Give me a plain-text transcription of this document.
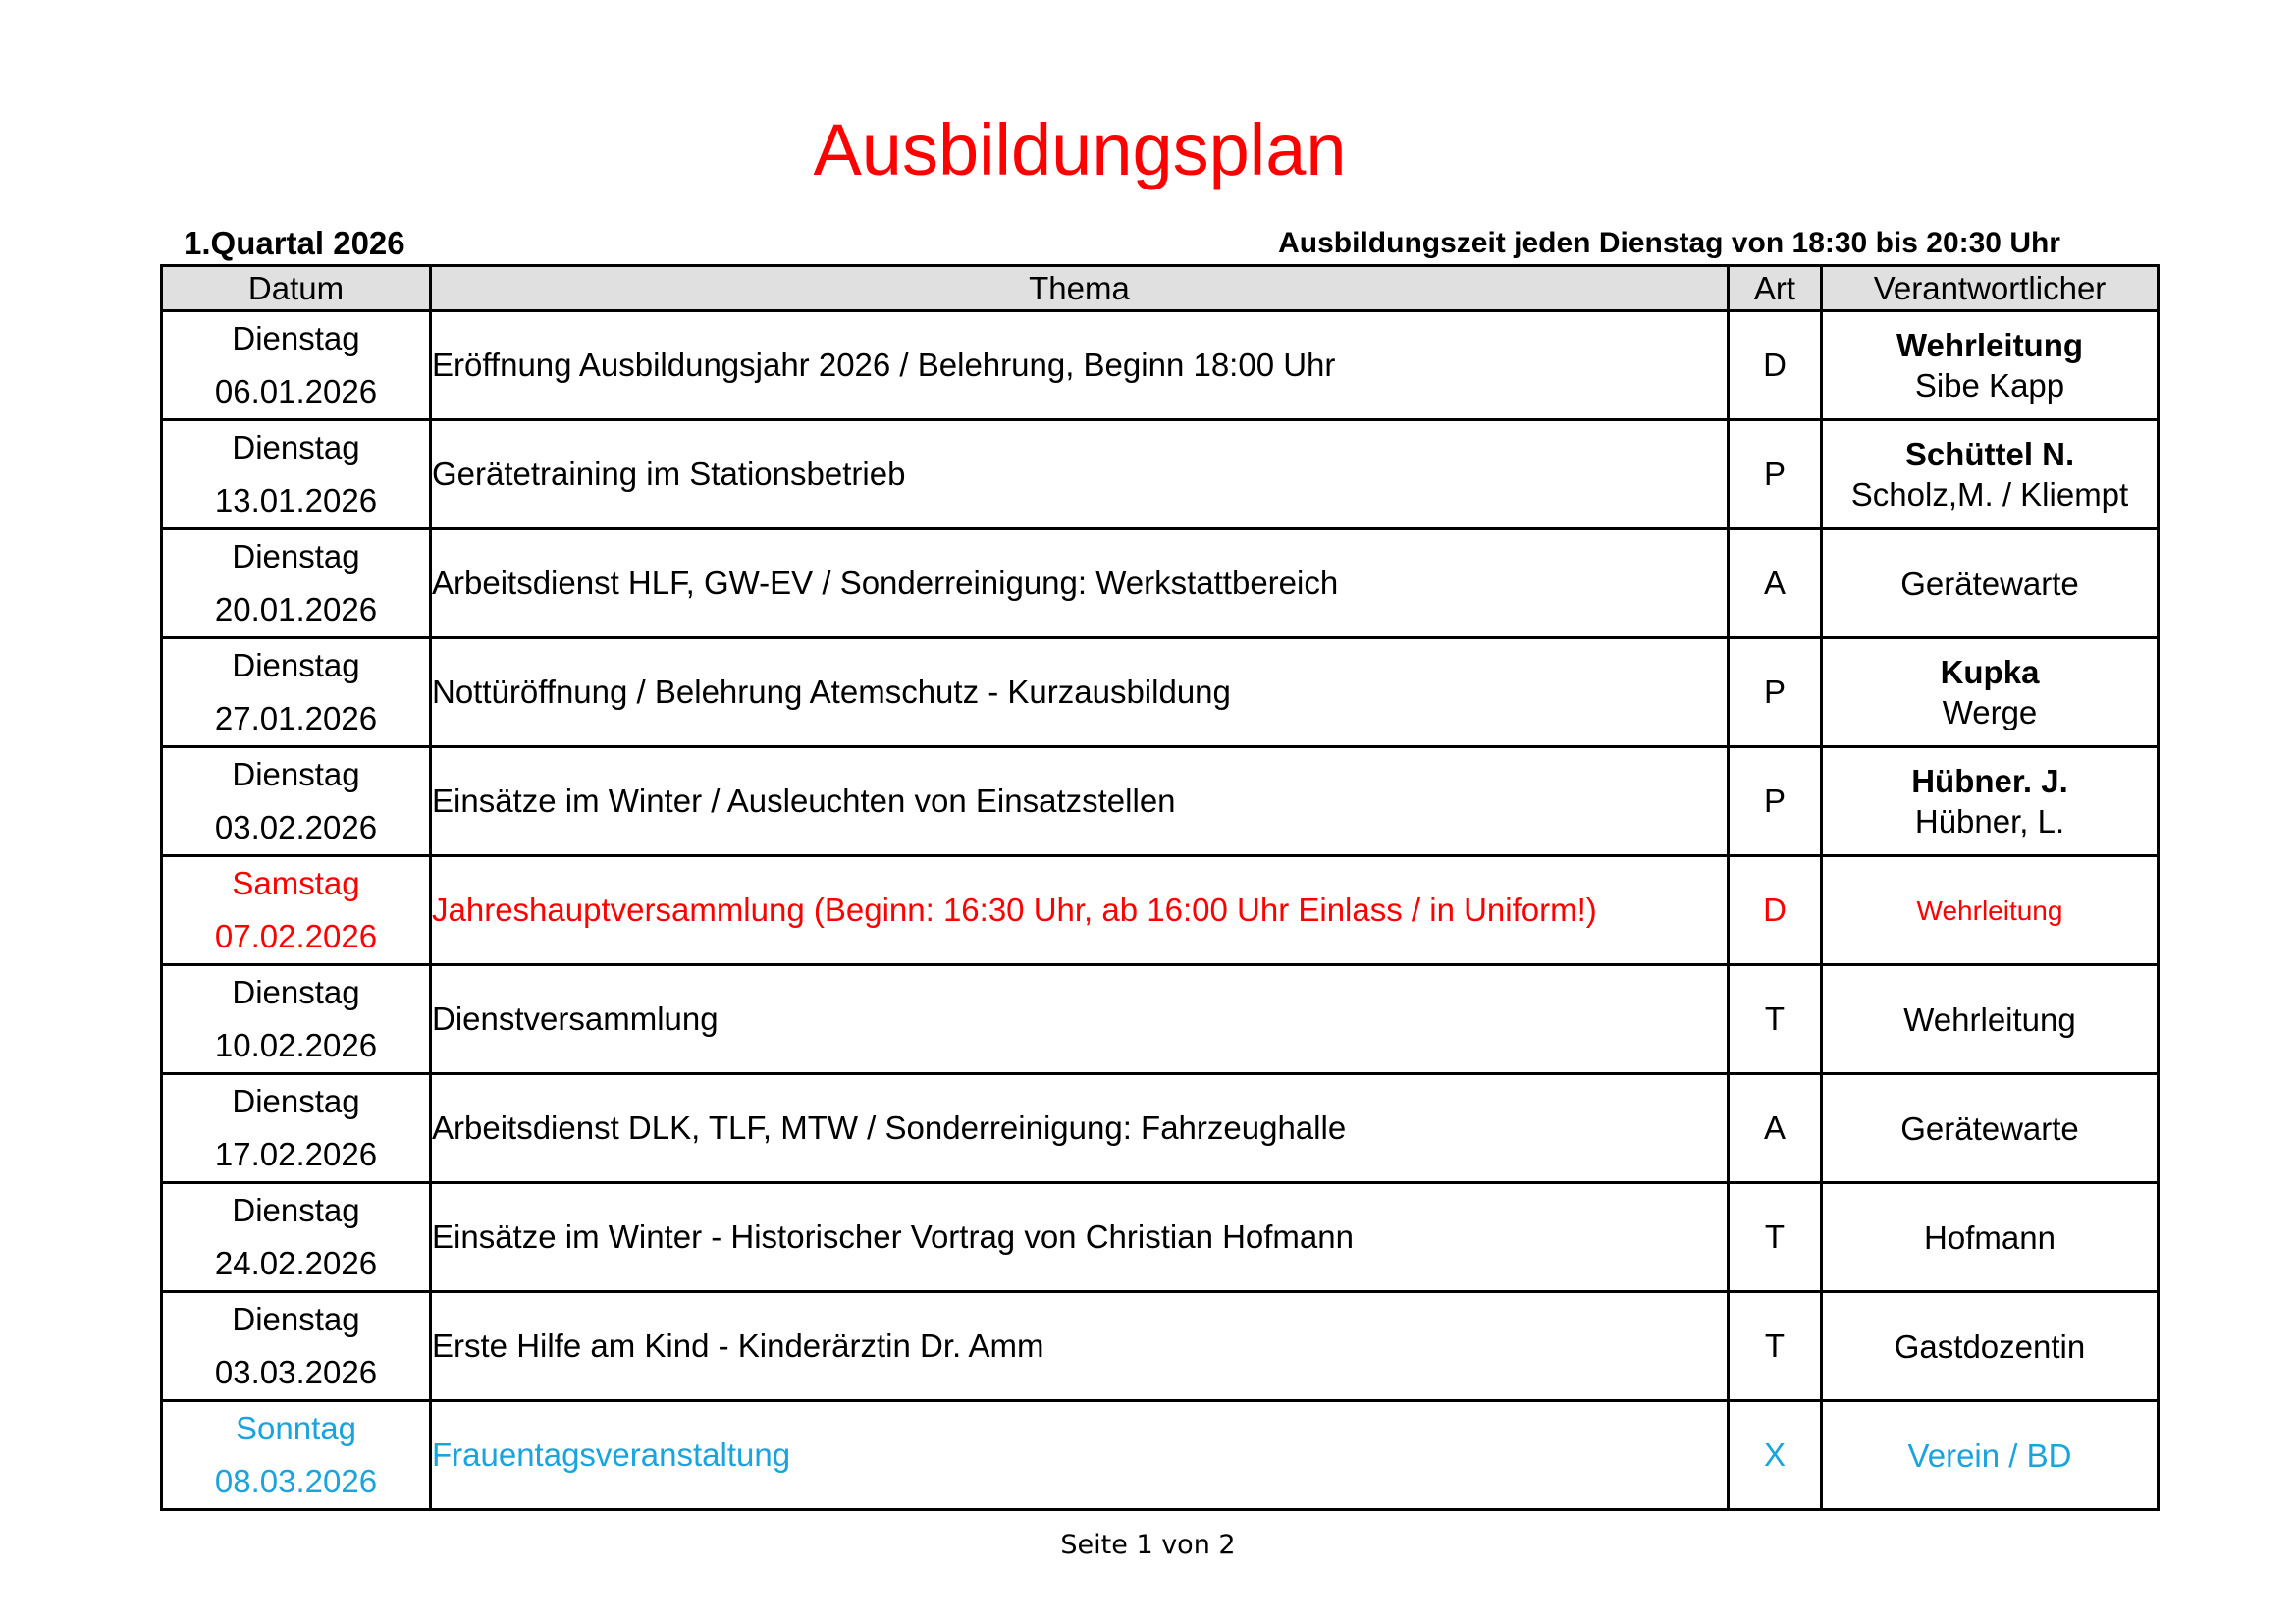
Ausbildungsplan
1.Quartal 2026	Ausbildungszeit jeden Dienstag von 18:30 bis 20:30 Uhr
Datum	Thema	Art	Verantwortlicher

Dienstag
06.01.2026	Eröffnung Ausbildungsjahr 2026 / Belehrung, Beginn 18:00 Uhr	D	Wehrleitung
Sibe Kapp

Dienstag
13.01.2026	Gerätetraining im Stationsbetrieb	P	Schüttel N.
Scholz,M. / Kliempt

Dienstag
20.01.2026	Arbeitsdienst HLF, GW-EV / Sonderreinigung: Werkstattbereich	A	Gerätewarte

Dienstag
27.01.2026	Nottüröffnung / Belehrung Atemschutz - Kurzausbildung	P	Kupka
Werge

Dienstag
03.02.2026	Einsätze im Winter / Ausleuchten von Einsatzstellen	P	Hübner. J.
Hübner, L.

Samstag
07.02.2026	Jahreshauptversammlung (Beginn: 16:30 Uhr, ab 16:00 Uhr Einlass / in Uniform!)	D	Wehrleitung

Dienstag
10.02.2026	Dienstversammlung	T	Wehrleitung

Dienstag
17.02.2026	Arbeitsdienst DLK, TLF, MTW / Sonderreinigung: Fahrzeughalle	A	Gerätewarte

Dienstag
24.02.2026	Einsätze im Winter - Historischer Vortrag von Christian Hofmann	T	Hofmann

Dienstag
03.03.2026	Erste Hilfe am Kind - Kinderärztin Dr. Amm	T	Gastdozentin

Sonntag
08.03.2026	Frauentagsveranstaltung	X	Verein / BD
Seite 1 von 2
